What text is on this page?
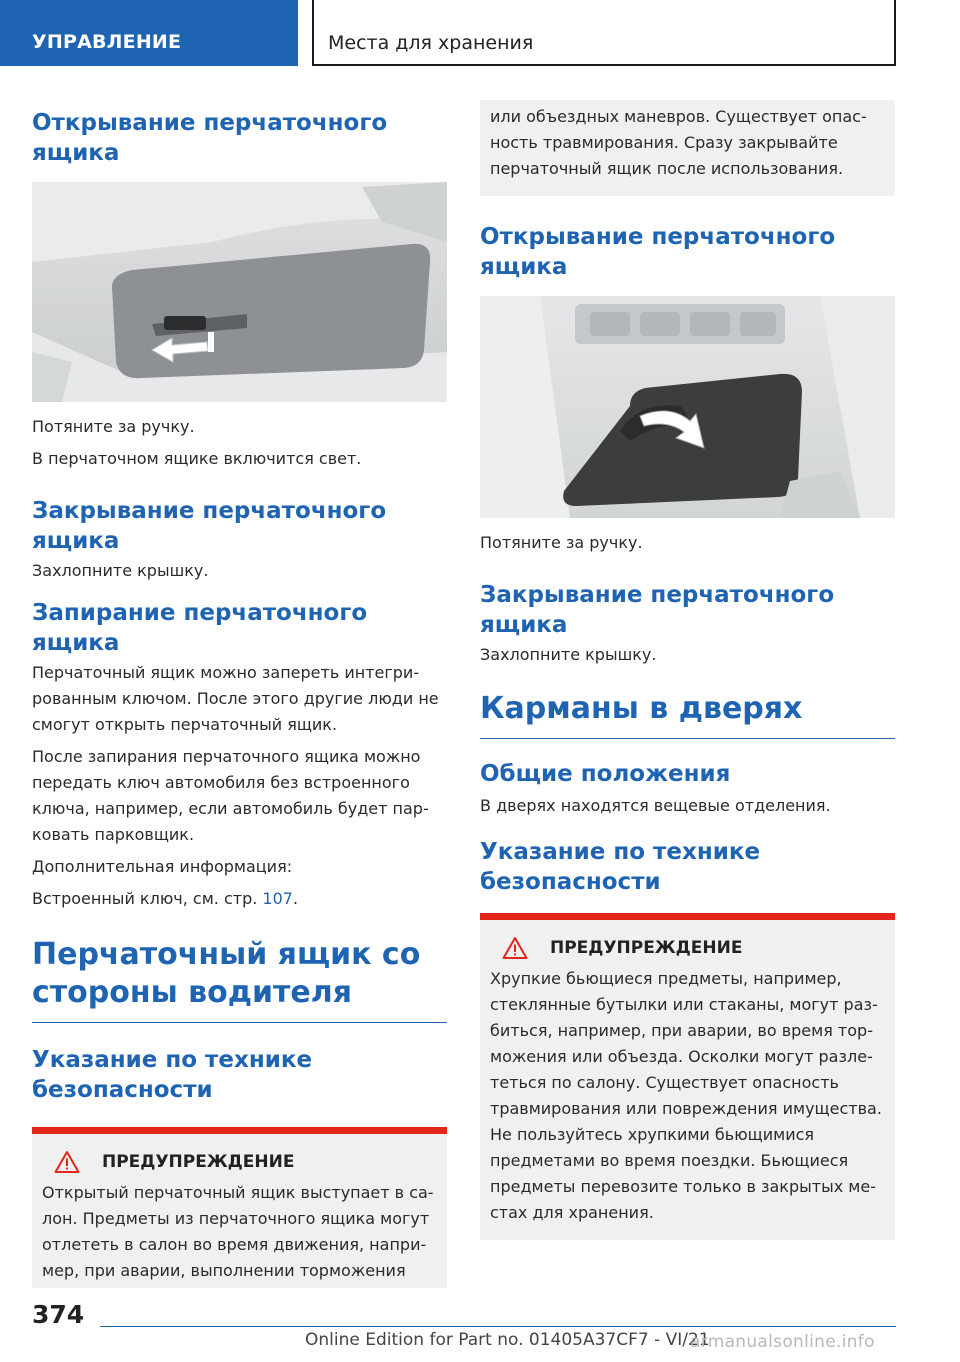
УПРАВЛЕНИЕ	Места для хранения
Открывание перчаточного ящика
Потяните за ручку.
В перчаточном ящике включится свет.
Закрывание перчаточного ящика
Захлопните крышку.
Запирание перчаточного ящика
Перчаточный ящик можно запереть интегрированным ключом. После этого другие люди не смогут открыть перчаточный ящик.
После запирания перчаточного ящика можно передать ключ автомобиля без встроенного ключа, например, если автомобиль будет парковать парковщик.
Дополнительная информация:
Встроенный ключ, см. стр. 107.
Перчаточный ящик со стороны водителя
Указание по технике безопасности
ПРЕДУПРЕЖДЕНИЕ
Открытый перчаточный ящик выступает в салон. Предметы из перчаточного ящика могут отлететь в салон во время движения, например, при аварии, выполнении торможения
или объездных маневров. Существует опасность травмирования. Сразу закрывайте перчаточный ящик после использования.
Открывание перчаточного ящика
Потяните за ручку.
Закрывание перчаточного ящика
Захлопните крышку.
Карманы в дверях
Общие положения
В дверях находятся вещевые отделения.
Указание по технике безопасности
ПРЕДУПРЕЖДЕНИЕ
Хрупкие бьющиеся предметы, например, стеклянные бутылки или стаканы, могут разбиться, например, при аварии, во время торможения или объезда. Осколки могут разлететься по салону. Существует опасность травмирования или повреждения имущества. Не пользуйтесь хрупкими бьющимися предметами во время поездки. Бьющиеся предметы перевозите только в закрытых местах для хранения.
374
Online Edition for Part no. 01405A37CF7 - VI/21
armanualsonline.info
